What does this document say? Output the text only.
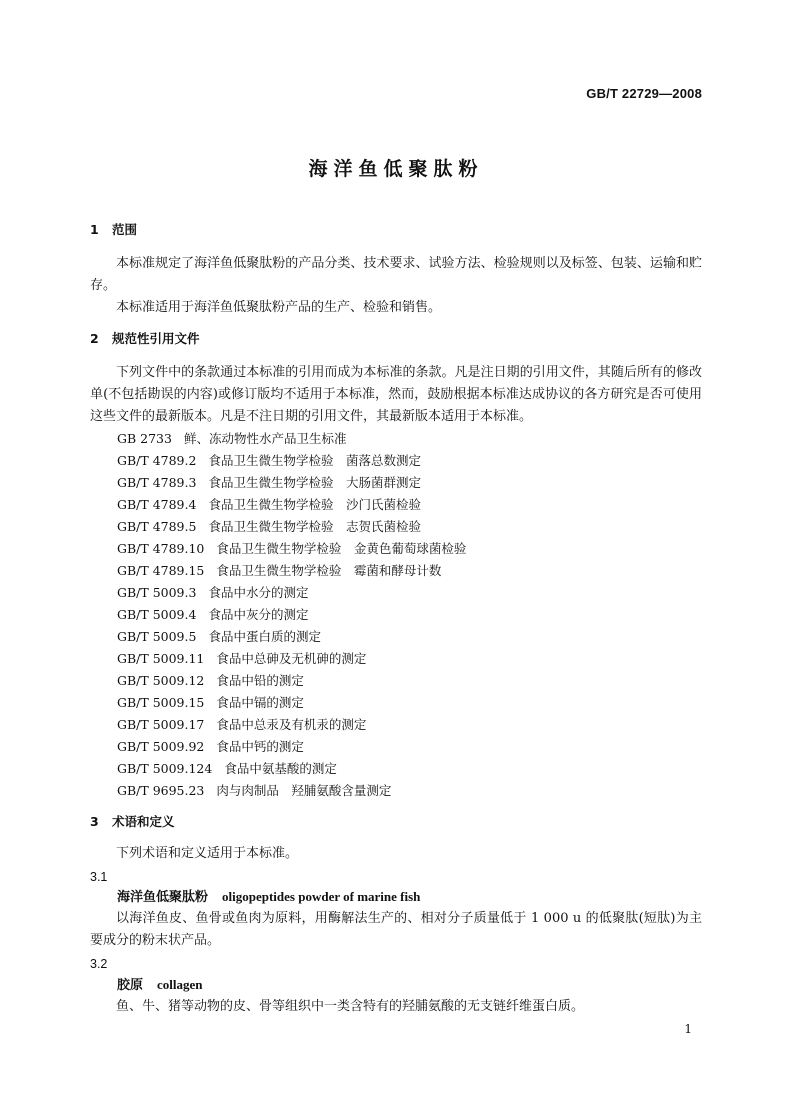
GB/T 22729—2008
海洋鱼低聚肽粉
1 范围
本标准规定了海洋鱼低聚肽粉的产品分类、技术要求、试验方法、检验规则以及标签、包装、运输和贮存。
本标准适用于海洋鱼低聚肽粉产品的生产、检验和销售。
2 规范性引用文件
下列文件中的条款通过本标准的引用而成为本标准的条款。凡是注日期的引用文件，其随后所有的修改单(不包括勘误的内容)或修订版均不适用于本标准，然而，鼓励根据本标准达成协议的各方研究是否可使用这些文件的最新版本。凡是不注日期的引用文件，其最新版本适用于本标准。
GB 2733 鲜、冻动物性水产品卫生标准
GB/T 4789.2 食品卫生微生物学检验　菌落总数测定
GB/T 4789.3 食品卫生微生物学检验　大肠菌群测定
GB/T 4789.4 食品卫生微生物学检验　沙门氏菌检验
GB/T 4789.5 食品卫生微生物学检验　志贺氏菌检验
GB/T 4789.10 食品卫生微生物学检验　金黄色葡萄球菌检验
GB/T 4789.15 食品卫生微生物学检验　霉菌和酵母计数
GB/T 5009.3 食品中水分的测定
GB/T 5009.4 食品中灰分的测定
GB/T 5009.5 食品中蛋白质的测定
GB/T 5009.11 食品中总砷及无机砷的测定
GB/T 5009.12 食品中铅的测定
GB/T 5009.15 食品中镉的测定
GB/T 5009.17 食品中总汞及有机汞的测定
GB/T 5009.92 食品中钙的测定
GB/T 5009.124 食品中氨基酸的测定
GB/T 9695.23 肉与肉制品　羟脯氨酸含量测定
3 术语和定义
下列术语和定义适用于本标准。
3.1
海洋鱼低聚肽粉 oligopeptides powder of marine fish
以海洋鱼皮、鱼骨或鱼肉为原料，用酶解法生产的、相对分子质量低于 1 000 u 的低聚肽(短肽)为主要成分的粉末状产品。
3.2
胶原 collagen
鱼、牛、猪等动物的皮、骨等组织中一类含特有的羟脯氨酸的无支链纤维蛋白质。
1
